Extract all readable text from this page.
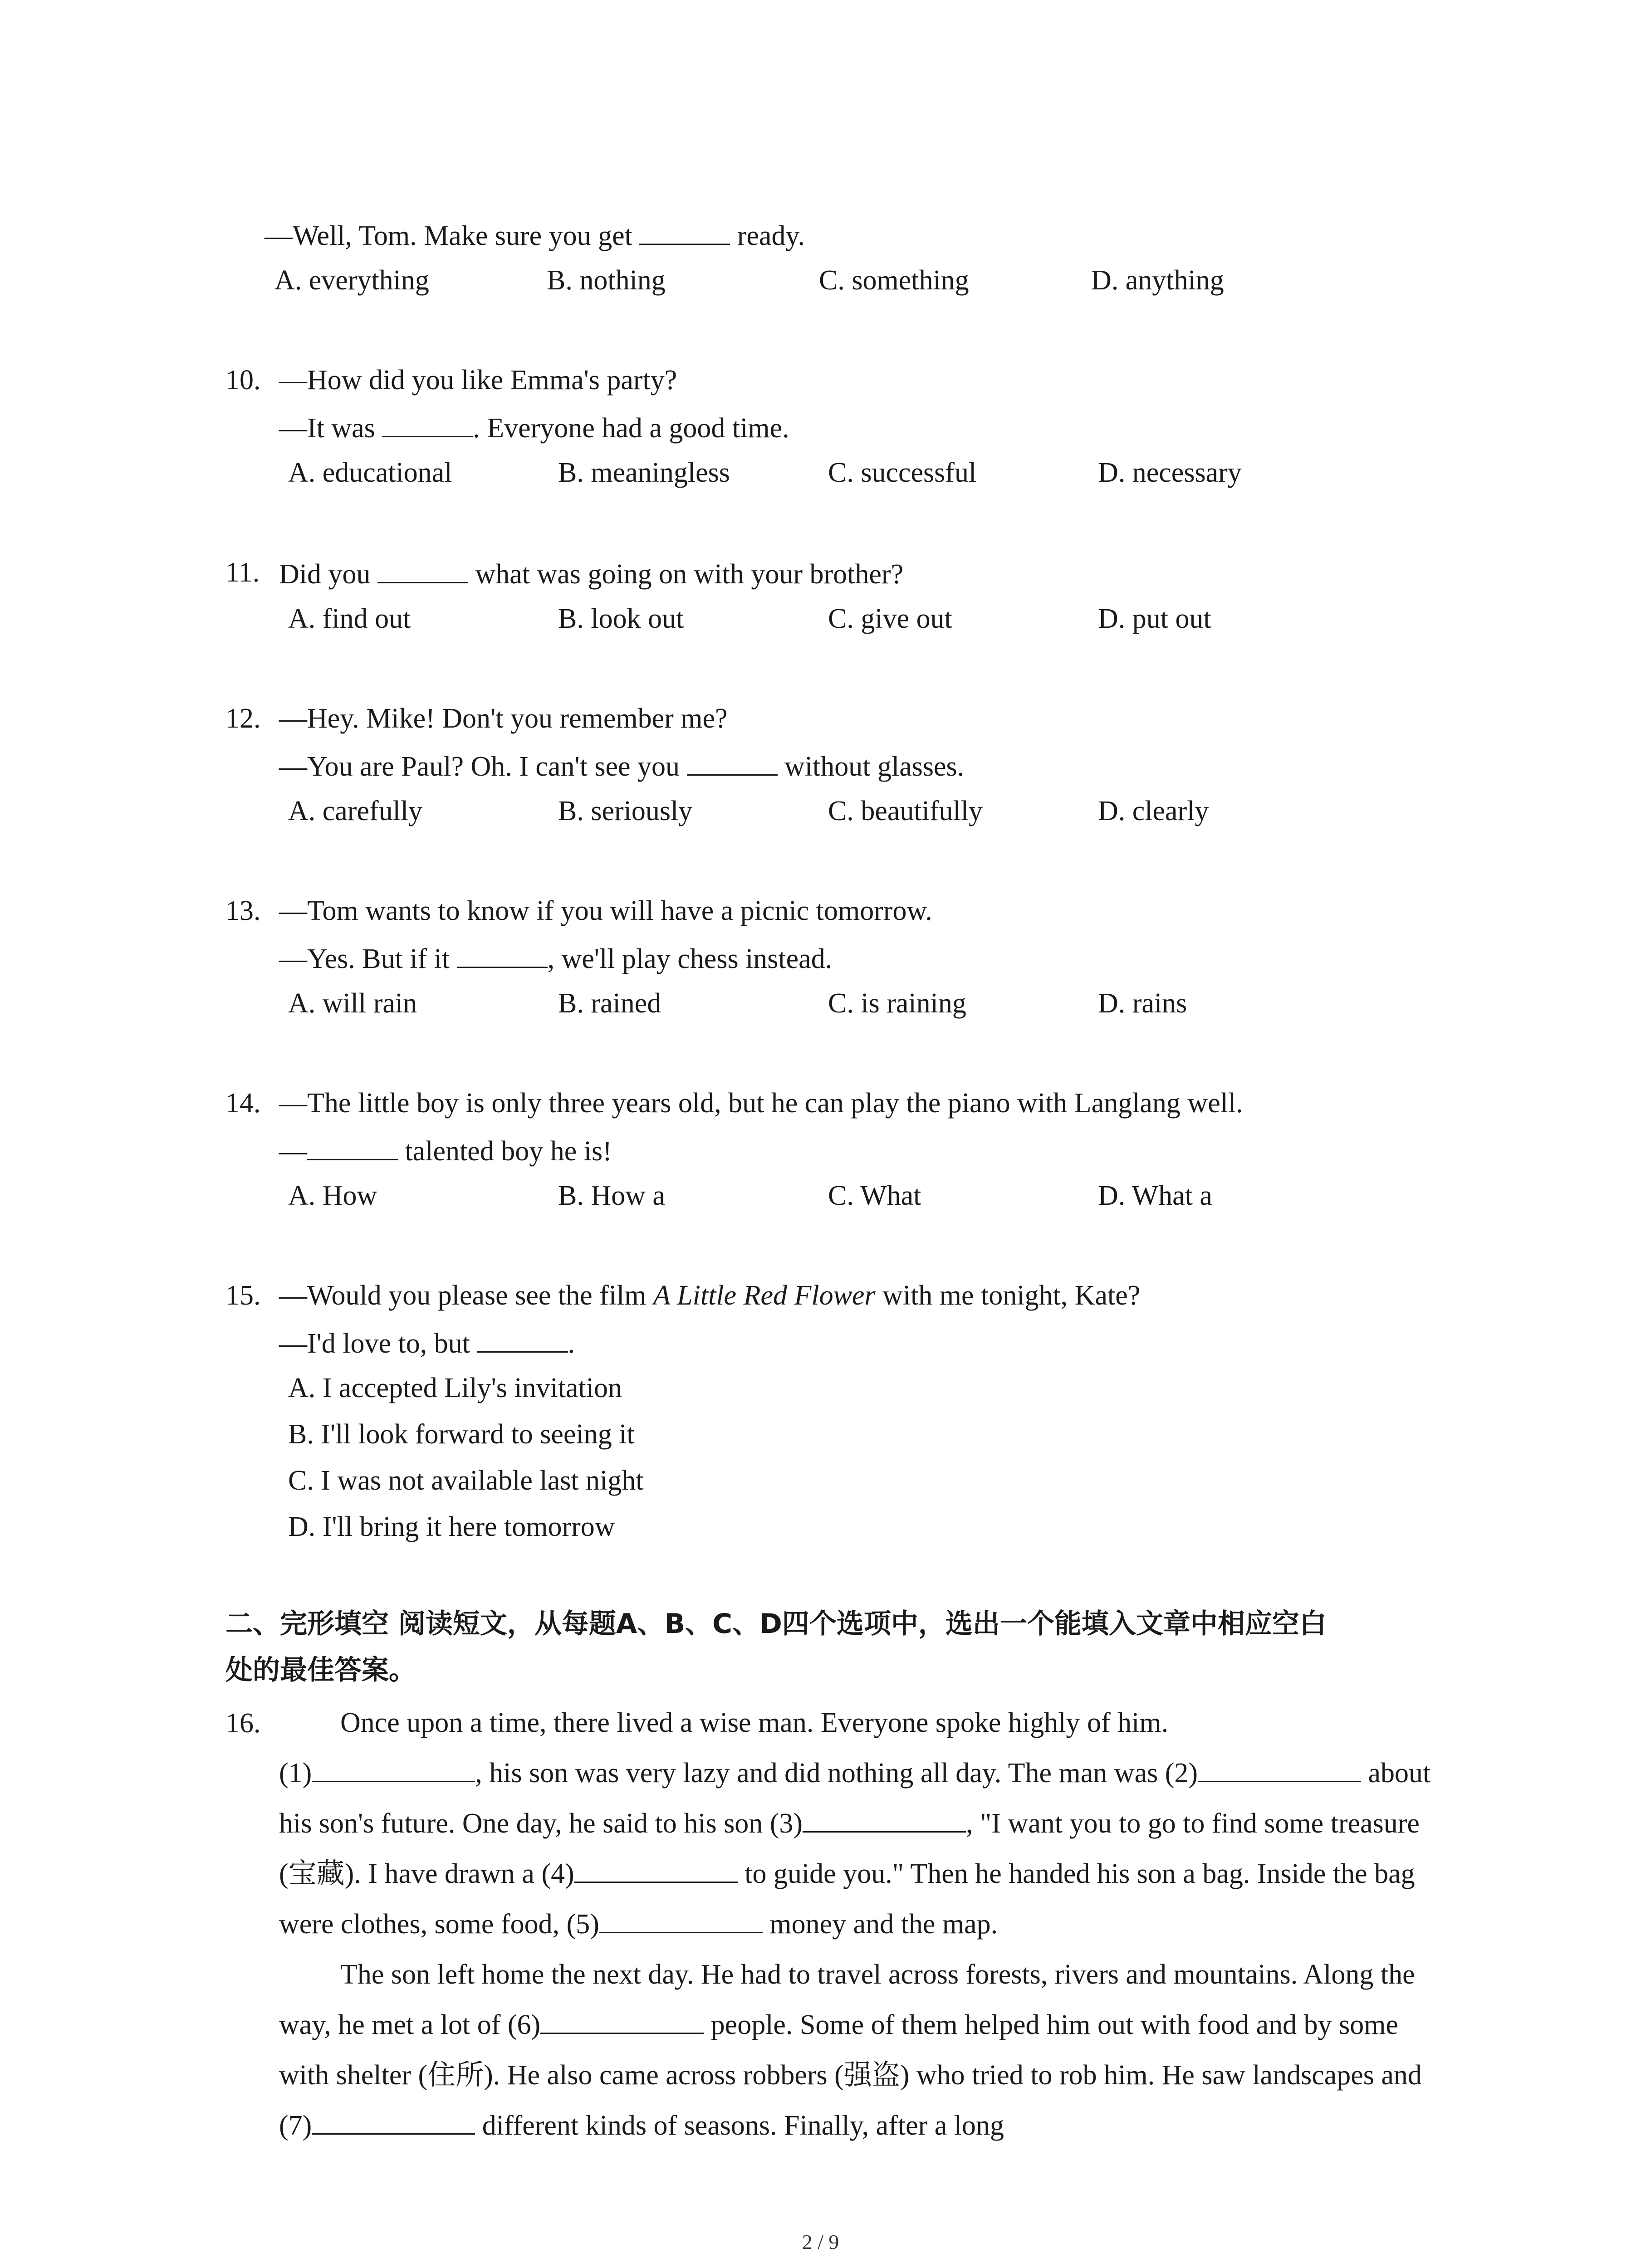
—Well, Tom. Make sure you get	ready.
A. everything	B. nothing	C. something	D. anything
10. —How did you like Emma's party?
—It was	. Everyone had a good time.
A. educational	B. meaningless	C. successful	D. necessary
11. Did you	what was going on with your brother?
A. find out	B. look out	C. give out	D. put out
12. —Hey. Mike! Don't you remember me?
—You are Paul? Oh. I can't see you	without glasses.
A. carefully	B. seriously	C. beautifully	D. clearly
13. —Tom wants to know if you will have a picnic tomorrow.
—Yes. But if it	, we'll play chess instead.
A. will rain	B. rained	C. is raining	D. rains
14. —The little boy is only three years old, but he can play the piano with Langlang well.
—	talented boy he is!
A. How	B. How a	C. What	D. What a
15. —Would you please see the film A Little Red Flower with me tonight, Kate?
—I'd love to, but	.
A. I accepted Lily's invitation
B. I'll look forward to seeing it
C. I was not available last night
D. I'll bring it here tomorrow
二、完形填空 阅读短文，从每题A、B、C、D四个选项中，选出一个能填入文章中相应空白
处的最佳答案。
16.	Once upon a time, there lived a wise man. Everyone spoke highly of him.
(1)	, his son was very lazy and did nothing all day. The man was (2)	about his son's future. One day, he said to his son (3)	, "I want you to go to find some treasure (宝藏). I have drawn a (4)	to guide you." Then he handed his son a bag. Inside the bag were clothes, some food, (5)	money and the map.

The son left home the next day. He had to travel across forests, rivers and mountains. Along the way, he met a lot of (6)	people. Some of them helped him out with food and by some with shelter (住所). He also came across robbers (强盗) who tried to rob him. He saw landscapes and (7)	different kinds of seasons. Finally, after a long

2 / 9
